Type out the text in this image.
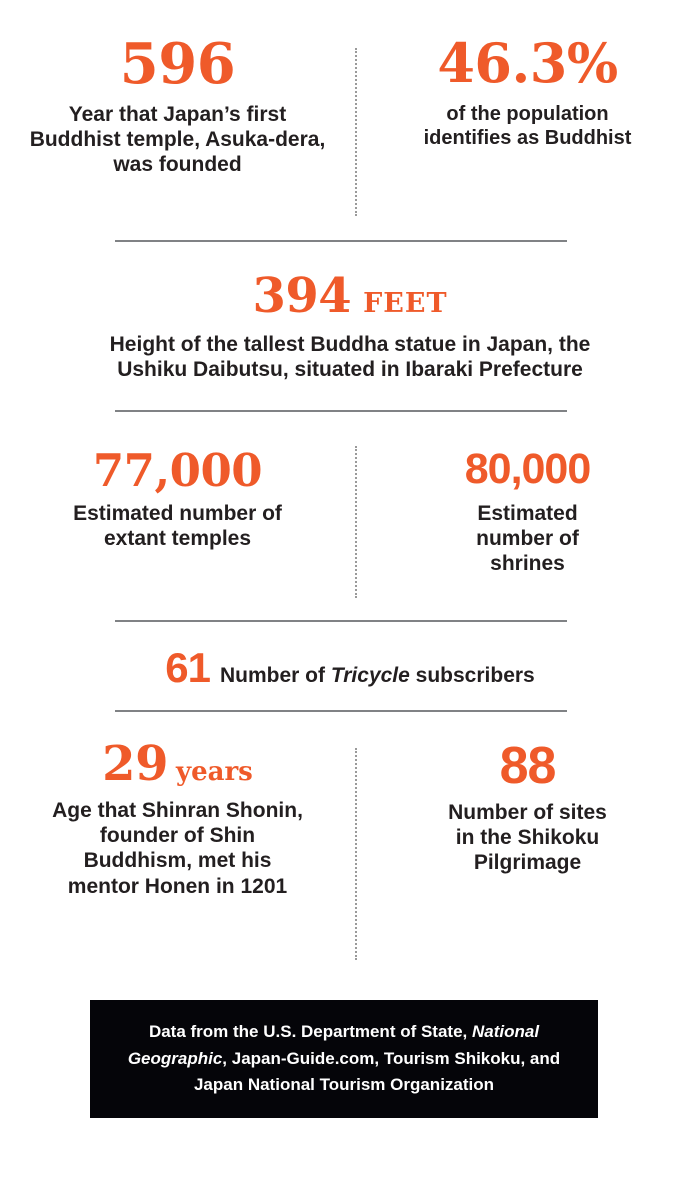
596
Year that Japan’s first Buddhist temple, Asuka-dera, was founded
46.3%
of the population identifies as Buddhist
394 FEET
Height of the tallest Buddha statue in Japan, the Ushiku Daibutsu, situated in Ibaraki Prefecture
77,000
Estimated number of extant temples
80,000
Estimated number of shrines
61 Number of Tricycle subscribers
29 years
Age that Shinran Shonin, founder of Shin Buddhism, met his mentor Honen in 1201
88
Number of sites in the Shikoku Pilgrimage

Data from the U.S. Department of State, National Geographic, Japan-Guide.com, Tourism Shikoku, and Japan National Tourism Organization
